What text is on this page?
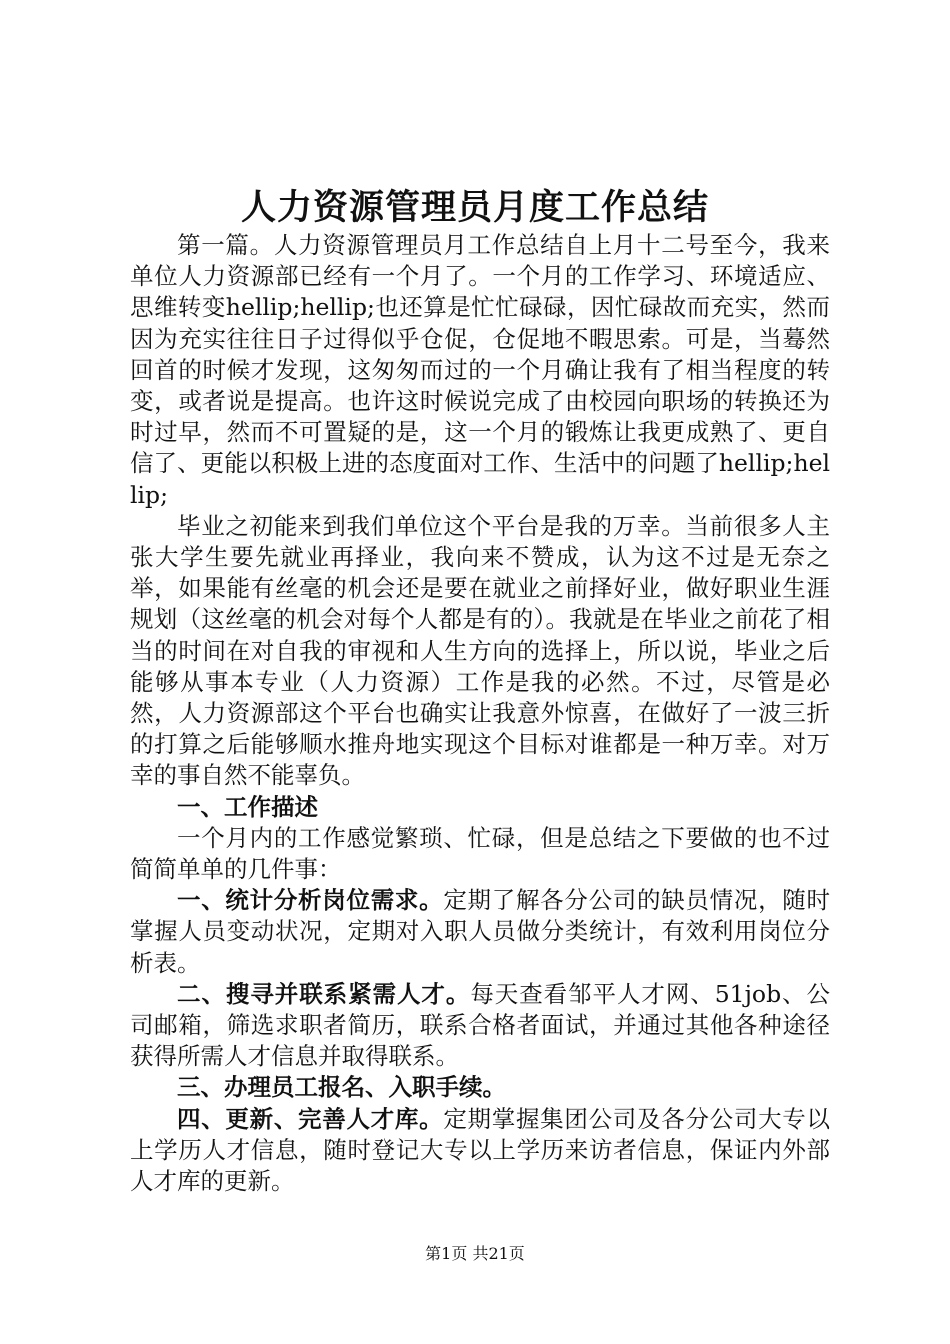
人力资源管理员月度工作总结

第一篇。人力资源管理员月工作总结自上月十二号至今，我来单位人力资源部已经有一个月了。一个月的工作学习、环境适应、思维转变hellip;hellip;也还算是忙忙碌碌，因忙碌故而充实，然而因为充实往往日子过得似乎仓促，仓促地不暇思索。可是，当蓦然回首的时候才发现，这匆匆而过的一个月确让我有了相当程度的转变，或者说是提高。也许这时候说完成了由校园向职场的转换还为时过早，然而不可置疑的是，这一个月的锻炼让我更成熟了、更自信了、更能以积极上进的态度面对工作、生活中的问题了hellip;hellip;

毕业之初能来到我们单位这个平台是我的万幸。当前很多人主张大学生要先就业再择业，我向来不赞成，认为这不过是无奈之举，如果能有丝毫的机会还是要在就业之前择好业，做好职业生涯规划（这丝毫的机会对每个人都是有的）。我就是在毕业之前花了相当的时间在对自我的审视和人生方向的选择上，所以说，毕业之后能够从事本专业（人力资源）工作是我的必然。不过，尽管是必然，人力资源部这个平台也确实让我意外惊喜，在做好了一波三折的打算之后能够顺水推舟地实现这个目标对谁都是一种万幸。对万幸的事自然不能辜负。

一、工作描述

一个月内的工作感觉繁琐、忙碌，但是总结之下要做的也不过简简单单的几件事：

一、统计分析岗位需求。定期了解各分公司的缺员情况，随时掌握人员变动状况，定期对入职人员做分类统计，有效利用岗位分析表。

二、搜寻并联系紧需人才。每天查看邹平人才网、51job、公司邮箱，筛选求职者简历，联系合格者面试，并通过其他各种途径获得所需人才信息并取得联系。

三、办理员工报名、入职手续。

四、更新、完善人才库。定期掌握集团公司及各分公司大专以上学历人才信息，随时登记大专以上学历来访者信息，保证内外部人才库的更新。

第1页 共21页
